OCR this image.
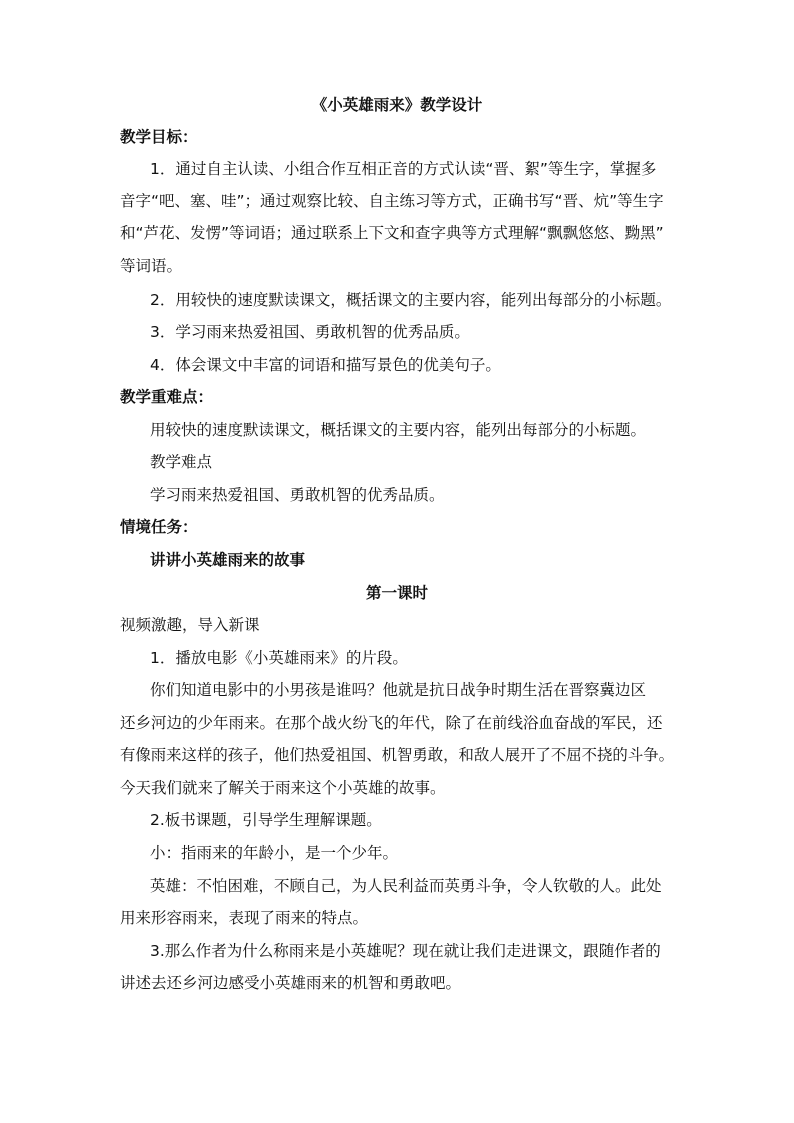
《小英雄雨来》教学设计
教学目标：
1．通过自主认读、小组合作互相正音的方式认读“晋、絮”等生字，掌握多
音字“吧、塞、哇”；通过观察比较、自主练习等方式，正确书写“晋、炕”等生字
和“芦花、发愣”等词语；通过联系上下文和查字典等方式理解“飘飘悠悠、黝黑”
等词语。
2．用较快的速度默读课文，概括课文的主要内容，能列出每部分的小标题。
3．学习雨来热爱祖国、勇敢机智的优秀品质。
4．体会课文中丰富的词语和描写景色的优美句子。
教学重难点：
用较快的速度默读课文，概括课文的主要内容，能列出每部分的小标题。
教学难点
学习雨来热爱祖国、勇敢机智的优秀品质。
情境任务：
讲讲小英雄雨来的故事
第一课时
视频激趣，导入新课
1．播放电影《小英雄雨来》的片段。
你们知道电影中的小男孩是谁吗？他就是抗日战争时期生活在晋察冀边区
还乡河边的少年雨来。在那个战火纷飞的年代，除了在前线浴血奋战的军民，还
有像雨来这样的孩子，他们热爱祖国、机智勇敢，和敌人展开了不屈不挠的斗争。
今天我们就来了解关于雨来这个小英雄的故事。
2.板书课题，引导学生理解课题。
小：指雨来的年龄小，是一个少年。
英雄：不怕困难，不顾自己，为人民利益而英勇斗争，令人钦敬的人。此处
用来形容雨来，表现了雨来的特点。
3.那么作者为什么称雨来是小英雄呢？现在就让我们走进课文，跟随作者的
讲述去还乡河边感受小英雄雨来的机智和勇敢吧。
